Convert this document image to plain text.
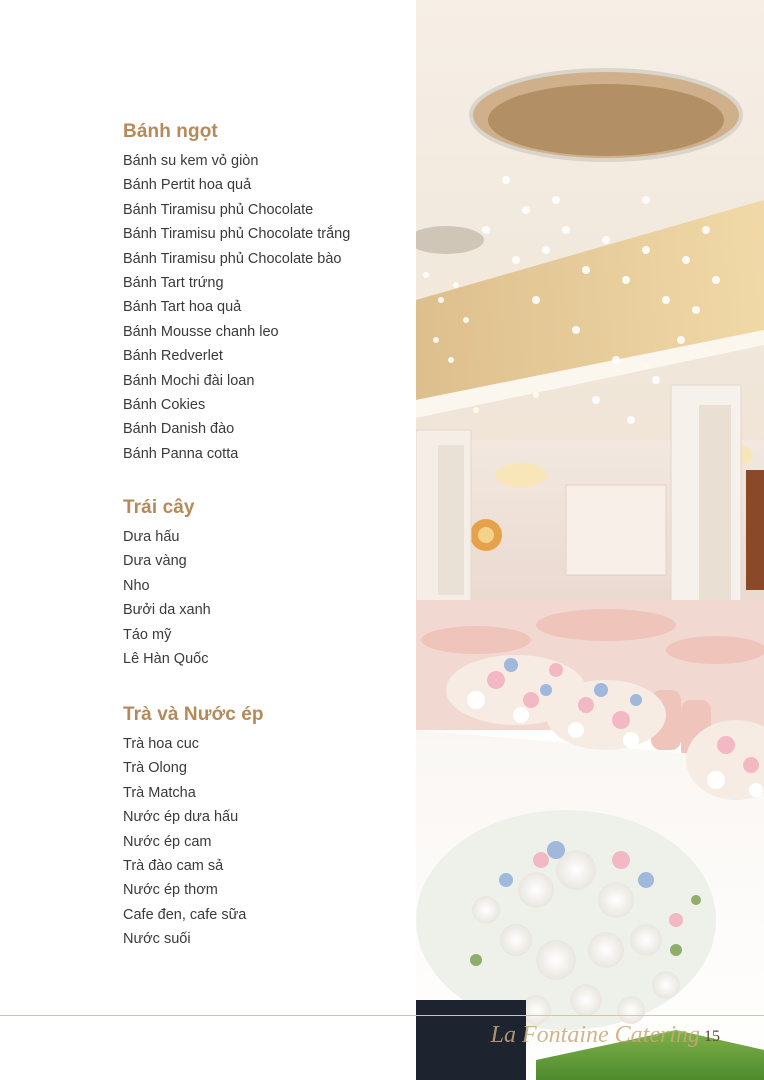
Bánh ngọt
Bánh su kem vỏ giòn
Bánh Pertit hoa quả
Bánh Tiramisu phủ Chocolate
Bánh Tiramisu phủ Chocolate trắng
Bánh Tiramisu phủ Chocolate bào
Bánh Tart trứng
Bánh Tart hoa quả
Bánh Mousse chanh leo
Bánh Redverlet
Bánh Mochi đài loan
Bánh Cokies
Bánh Danish đào
Bánh Panna cotta
Trái cây
Dưa hấu
Dưa vàng
Nho
Bưởi da xanh
Táo mỹ
Lê Hàn Quốc
Trà và Nước ép
Trà hoa cuc
Trà Olong
Trà Matcha
Nước ép dưa hấu
Nước ép cam
Trà đào cam sả
Nước ép thơm
Cafe đen, cafe sữa
Nước suối
La Fontaine Catering 15
